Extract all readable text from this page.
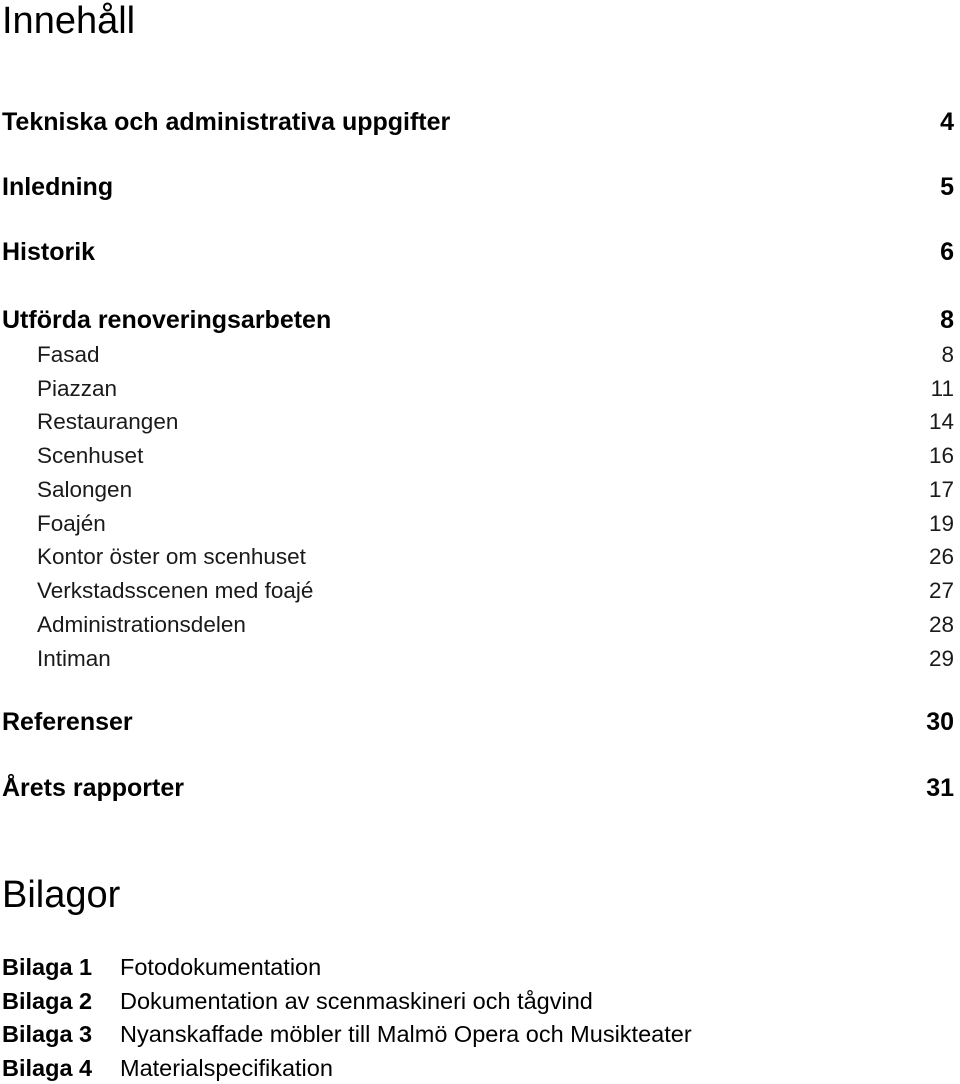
Innehåll
Tekniska och administrativa uppgifter	4
Inledning	5
Historik	6
Utförda renoveringsarbeten	8
Fasad	8
Piazzan	11
Restaurangen	14
Scenhuset	16
Salongen	17
Foajén	19
Kontor öster om scenhuset	26
Verkstadsscenen med foajé	27
Administrationsdelen	28
Intiman	29
Referenser	30
Årets rapporter	31
Bilagor
Bilaga 1 Fotodokumentation
Bilaga 2 Dokumentation av scenmaskineri och tågvind
Bilaga 3 Nyanskaffade möbler till Malmö Opera och Musikteater
Bilaga 4 Materialspecifikation
